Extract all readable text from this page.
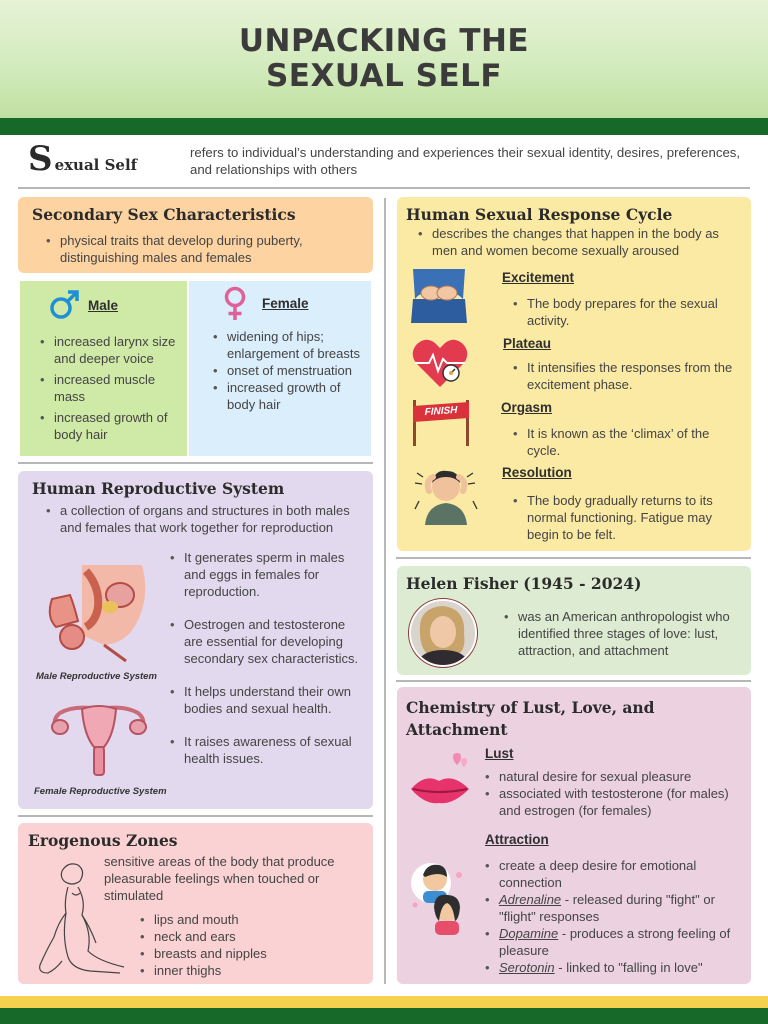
UNPACKING THE
SEXUAL SELF
S exual Self
refers to individual’s understanding and experiences their sexual identity, desires, preferences, and relationships with others
Secondary Sex Characteristics
• physical traits that develop during puberty, distinguishing males and females
Male
• increased larynx size and deeper voice
• increased muscle mass
• increased growth of body hair
Female
• widening of hips; enlargement of breasts
• onset of menstruation
• increased growth of body hair
Human Reproductive System
• a collection of organs and structures in both males and females that work together for reproduction
Male Reproductive System
Female Reproductive System
• It generates sperm in males and eggs in females for reproduction.
• Oestrogen and testosterone are essential for developing secondary sex characteristics.
• It helps understand their own bodies and sexual health.
• It raises awareness of sexual health issues.
Erogenous Zones
sensitive areas of the body that produce pleasurable feelings when touched or stimulated
• lips and mouth
• neck and ears
• breasts and nipples
• inner thighs
Human Sexual Response Cycle
• describes the changes that happen in the body as men and women become sexually aroused
Excitement
• The body prepares for the sexual activity.
Plateau
• It intensifies the responses from the excitement phase.
FINISH	Orgasm
• It is known as the ‘climax’ of the cycle.
Resolution
• The body gradually returns to its normal functioning. Fatigue may begin to be felt.
Helen Fisher (1945 - 2024)
• was an American anthropologist who identified three stages of love: lust, attraction, and attachment
Chemistry of Lust, Love, and Attachment
Lust
• natural desire for sexual pleasure
• associated with testosterone (for males) and estrogen (for females)
Attraction
• create a deep desire for emotional connection
• Adrenaline - released during "fight" or "flight" responses
• Dopamine - produces a strong feeling of pleasure
• Serotonin - linked to "falling in love"
